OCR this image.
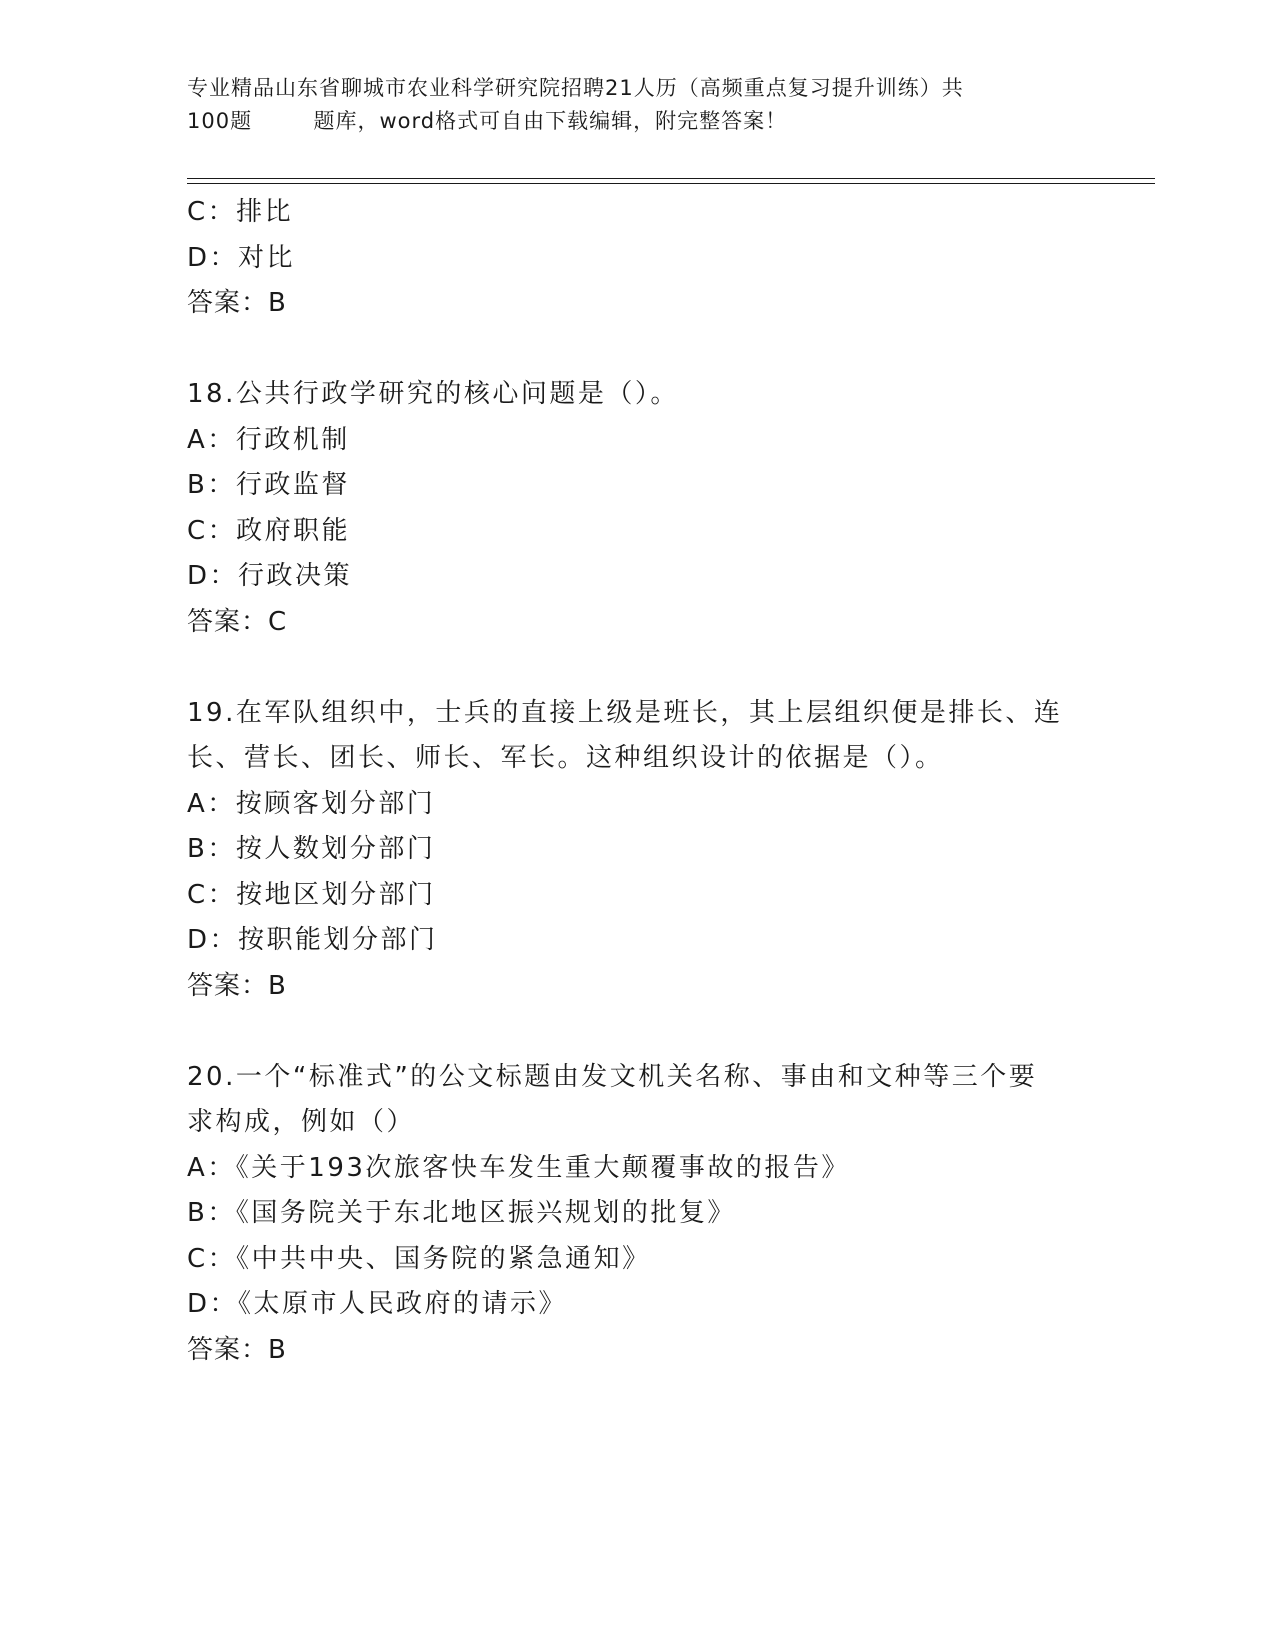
专业精品山东省聊城市农业科学研究院招聘21人历（高频重点复习提升训练）共
100题        题库，word格式可自由下载编辑，附完整答案！
C：排比
D：对比
答案：B
18.公共行政学研究的核心问题是（）。
A：行政机制
B：行政监督
C：政府职能
D：行政决策
答案：C
19.在军队组织中，士兵的直接上级是班长，其上层组织便是排长、连
长、营长、团长、师长、军长。这种组织设计的依据是（）。
A：按顾客划分部门
B：按人数划分部门
C：按地区划分部门
D：按职能划分部门
答案：B
20.一个“标准式”的公文标题由发文机关名称、事由和文种等三个要
求构成，例如（）
A：《关于193次旅客快车发生重大颠覆事故的报告》
B：《国务院关于东北地区振兴规划的批复》
C：《中共中央、国务院的紧急通知》
D：《太原市人民政府的请示》
答案：B
